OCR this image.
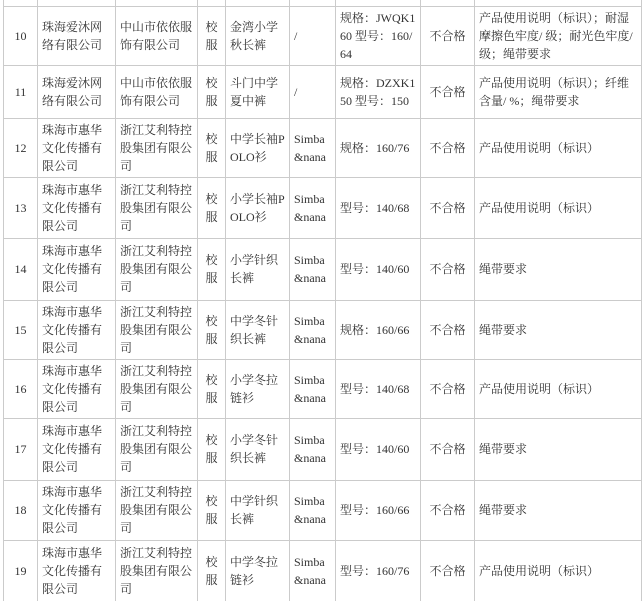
10	珠海爱沐网络有限公司	中山市依依服饰有限公司	校服	金湾小学秋长裤	/	规格：JWQK160 型号：160/64	不合格	产品使用说明（标识）；耐湿摩擦色牢度/ 级；耐光色牢度/ 级；绳带要求
11	珠海爱沐网络有限公司	中山市依依服饰有限公司	校服	斗门中学夏中裤	/	规格：DZXK150 型号：150	不合格	产品使用说明（标识）；纤维含量/ %；绳带要求
12	珠海市惠华文化传播有限公司	浙江艾利特控股集团有限公司	校服	中学长袖POLO衫	Simba&nana	规格：160/76	不合格	产品使用说明（标识）
13	珠海市惠华文化传播有限公司	浙江艾利特控股集团有限公司	校服	小学长袖POLO衫	Simba&nana	型号：140/68	不合格	产品使用说明（标识）
14	珠海市惠华文化传播有限公司	浙江艾利特控股集团有限公司	校服	小学针织长裤	Simba&nana	型号：140/60	不合格	绳带要求
15	珠海市惠华文化传播有限公司	浙江艾利特控股集团有限公司	校服	中学冬针织长裤	Simba&nana	规格：160/66	不合格	绳带要求
16	珠海市惠华文化传播有限公司	浙江艾利特控股集团有限公司	校服	小学冬拉链衫	Simba&nana	型号：140/68	不合格	产品使用说明（标识）
17	珠海市惠华文化传播有限公司	浙江艾利特控股集团有限公司	校服	小学冬针织长裤	Simba&nana	型号：140/60	不合格	绳带要求
18	珠海市惠华文化传播有限公司	浙江艾利特控股集团有限公司	校服	中学针织长裤	Simba&nana	型号：160/66	不合格	绳带要求
19	珠海市惠华文化传播有限公司	浙江艾利特控股集团有限公司	校服	中学冬拉链衫	Simba&nana	型号：160/76	不合格	产品使用说明（标识）
